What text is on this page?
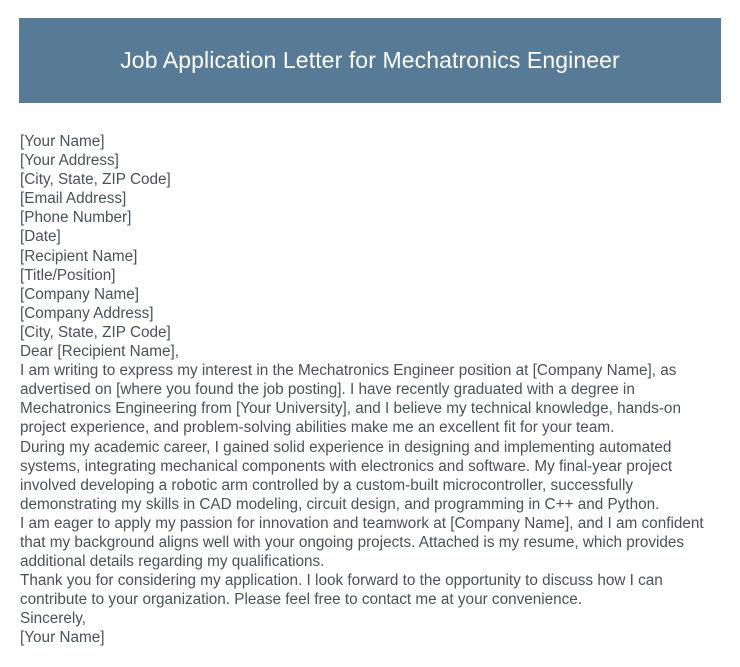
Job Application Letter for Mechatronics Engineer
[Your Name]
[Your Address]
[City, State, ZIP Code]
[Email Address]
[Phone Number]
[Date]
[Recipient Name]
[Title/Position]
[Company Name]
[Company Address]
[City, State, ZIP Code]
Dear [Recipient Name],

I am writing to express my interest in the Mechatronics Engineer position at [Company Name], as advertised on [where you found the job posting]. I have recently graduated with a degree in Mechatronics Engineering from [Your University], and I believe my technical knowledge, hands-on project experience, and problem-solving abilities make me an excellent fit for your team.

During my academic career, I gained solid experience in designing and implementing automated systems, integrating mechanical components with electronics and software. My final-year project involved developing a robotic arm controlled by a custom-built microcontroller, successfully demonstrating my skills in CAD modeling, circuit design, and programming in C++ and Python.

I am eager to apply my passion for innovation and teamwork at [Company Name], and I am confident that my background aligns well with your ongoing projects. Attached is my resume, which provides additional details regarding my qualifications.

Thank you for considering my application. I look forward to the opportunity to discuss how I can contribute to your organization. Please feel free to contact me at your convenience.

Sincerely,
[Your Name]
